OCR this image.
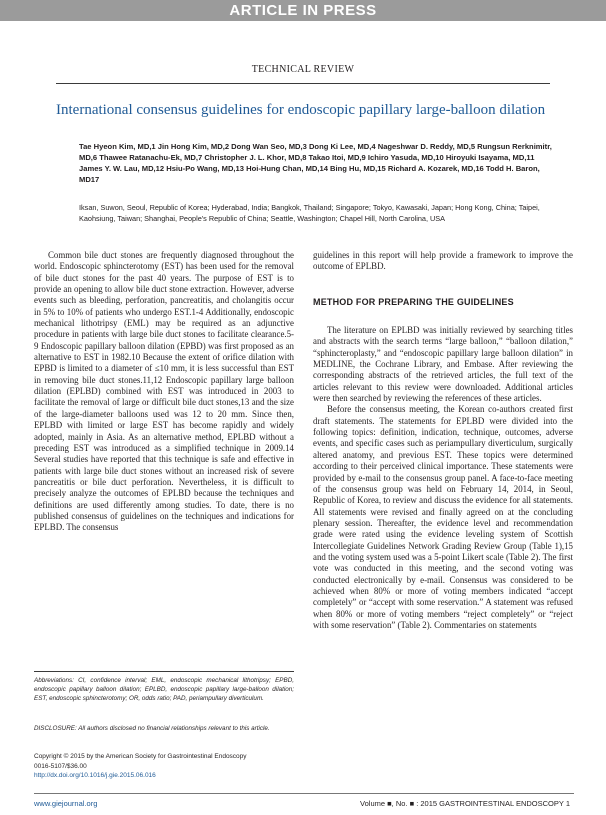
ARTICLE IN PRESS
TECHNICAL REVIEW
International consensus guidelines for endoscopic papillary large-balloon dilation

Tae Hyeon Kim, MD,1 Jin Hong Kim, MD,2 Dong Wan Seo, MD,3 Dong Ki Lee, MD,4 Nageshwar D. Reddy, MD,5 Rungsun Rerknimitr, MD,6 Thawee Ratanachu-Ek, MD,7 Christopher J. L. Khor, MD,8 Takao Itoi, MD,9 Ichiro Yasuda, MD,10 Hiroyuki Isayama, MD,11 James Y. W. Lau, MD,12 Hsiu-Po Wang, MD,13 Hoi-Hung Chan, MD,14 Bing Hu, MD,15 Richard A. Kozarek, MD,16 Todd H. Baron, MD17

Iksan, Suwon, Seoul, Republic of Korea; Hyderabad, India; Bangkok, Thailand; Singapore; Tokyo, Kawasaki, Japan; Hong Kong, China; Taipei, Kaohsiung, Taiwan; Shanghai, People's Republic of China; Seattle, Washington; Chapel Hill, North Carolina, USA

Common bile duct stones are frequently diagnosed throughout the world. Endoscopic sphincterotomy (EST) has been used for the removal of bile duct stones for the past 40 years. The purpose of EST is to provide an opening to allow bile duct stone extraction. However, adverse events such as bleeding, perforation, pancreatitis, and cholangitis occur in 5% to 10% of patients who undergo EST.1-4 Additionally, endoscopic mechanical lithotripsy (EML) may be required as an adjunctive procedure in patients with large bile duct stones to facilitate clearance.5-9 Endoscopic papillary balloon dilation (EPBD) was first proposed as an alternative to EST in 1982.10 Because the extent of orifice dilation with EPBD is limited to a diameter of ≤10 mm, it is less successful than EST in removing bile duct stones.11,12 Endoscopic papillary large balloon dilation (EPLBD) combined with EST was introduced in 2003 to facilitate the removal of large or difficult bile duct stones,13 and the size of the large-diameter balloons used was 12 to 20 mm. Since then, EPLBD with limited or large EST has become rapidly and widely adopted, mainly in Asia. As an alternative method, EPLBD without a preceding EST was introduced as a simplified technique in 2009.14 Several studies have reported that this technique is safe and effective in patients with large bile duct stones without an increased risk of severe pancreatitis or bile duct perforation. Nevertheless, it is difficult to precisely analyze the outcomes of EPLBD because the techniques and definitions are used differently among studies. To date, there is no published consensus of guidelines on the techniques and indications for EPLBD. The consensus

guidelines in this report will help provide a framework to improve the outcome of EPLBD.

METHOD FOR PREPARING THE GUIDELINES

The literature on EPLBD was initially reviewed by searching titles and abstracts with the search terms “large balloon,” “balloon dilation,” “sphincteroplasty,” and “endoscopic papillary large balloon dilation” in MEDLINE, the Cochrane Library, and Embase. After reviewing the corresponding abstracts of the retrieved articles, the full text of the articles relevant to this review were downloaded. Additional articles were then searched by reviewing the references of these articles.

Before the consensus meeting, the Korean co-authors created first draft statements. The statements for EPLBD were divided into the following topics: definition, indication, technique, outcomes, adverse events, and specific cases such as periampullary diverticulum, surgically altered anatomy, and previous EST. These topics were determined according to their perceived clinical importance. These statements were provided by e-mail to the consensus group panel. A face-to-face meeting of the consensus group was held on February 14, 2014, in Seoul, Republic of Korea, to review and discuss the evidence for all statements. All statements were revised and finally agreed on at the concluding plenary session. Thereafter, the evidence level and recommendation grade were rated using the evidence leveling system of Scottish Intercollegiate Guidelines Network Grading Review Group (Table 1),15 and the voting system used was a 5-point Likert scale (Table 2). The first vote was conducted in this meeting, and the second voting was conducted electronically by e-mail. Consensus was considered to be achieved when 80% or more of voting members indicated “accept completely” or “accept with some reservation.” A statement was refused when 80% or more of voting members “reject completely” or “reject with some reservation” (Table 2). Commentaries on statements

Abbreviations: CI, confidence interval; EML, endoscopic mechanical lithotripsy; EPBD, endoscopic papillary balloon dilation; EPLBD, endoscopic papillary large-balloon dilation; EST, endoscopic sphincterotomy; OR, odds ratio; PAD, periampullary diverticulum.

DISCLOSURE: All authors disclosed no financial relationships relevant to this article.

Copyright © 2015 by the American Society for Gastrointestinal Endoscopy
0016-5107/$36.00
http://dx.doi.org/10.1016/j.gie.2015.06.016

www.giejournal.org	Volume ■, No. ■ : 2015 GASTROINTESTINAL ENDOSCOPY 1
